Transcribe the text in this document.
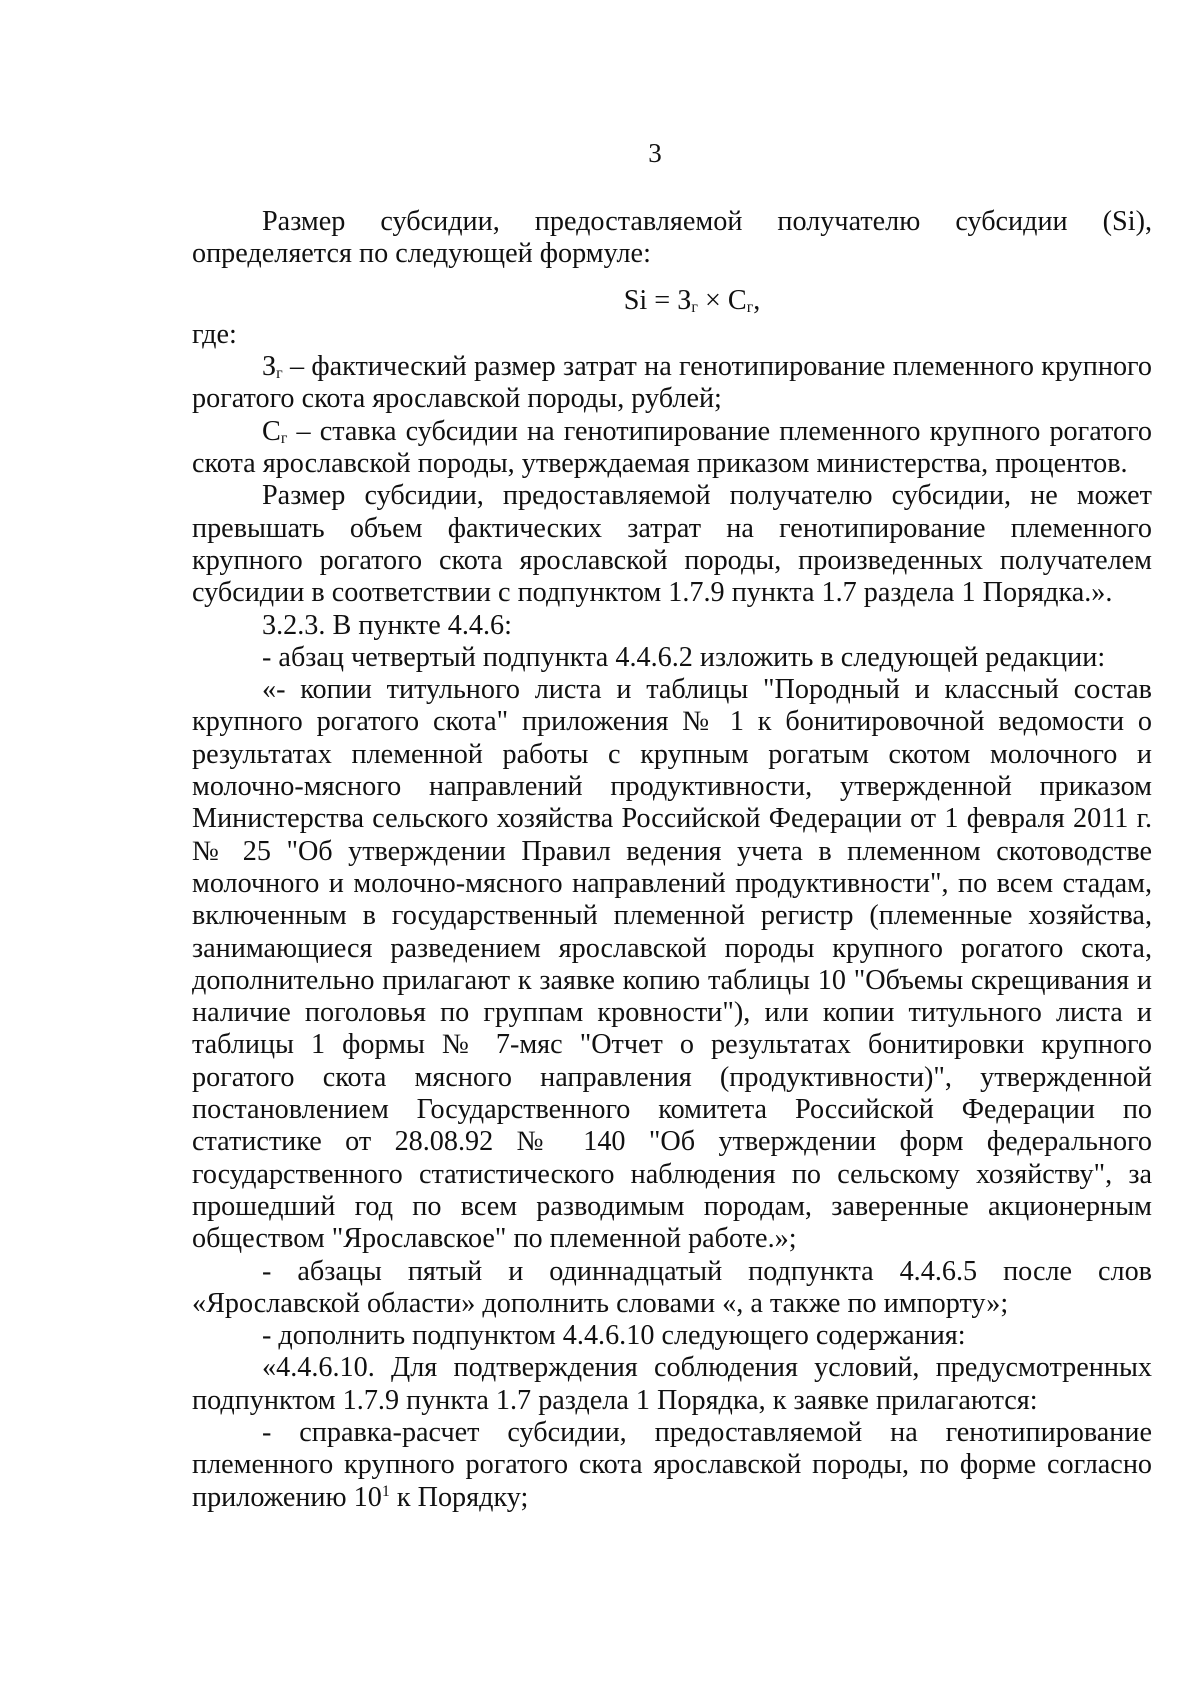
3

Размер субсидии, предоставляемой получателю субсидии (Si), определяется по следующей формуле:

$Si = З_г \times С_г$,

где:

$З_г$ – фактический размер затрат на генотипирование племенного крупного рогатого скота ярославской породы, рублей;

$С_г$ – ставка субсидии на генотипирование племенного крупного рогатого скота ярославской породы, утверждаемая приказом министерства, процентов.

Размер субсидии, предоставляемой получателю субсидии, не может превышать объем фактических затрат на генотипирование племенного крупного рогатого скота ярославской породы, произведенных получателем субсидии в соответствии с подпунктом 1.7.9 пункта 1.7 раздела 1 Порядка.».

3.2.3. В пункте 4.4.6:

- абзац четвертый подпункта 4.4.6.2 изложить в следующей редакции:

«- копии титульного листа и таблицы "Породный и классный состав крупного рогатого скота" приложения № 1 к бонитировочной ведомости о результатах племенной работы с крупным рогатым скотом молочного и молочно-мясного направлений продуктивности, утвержденной приказом Министерства сельского хозяйства Российской Федерации от 1 февраля 2011 г. № 25 "Об утверждении Правил ведения учета в племенном скотоводстве молочного и молочно-мясного направлений продуктивности", по всем стадам, включенным в государственный племенной регистр (племенные хозяйства, занимающиеся разведением ярославской породы крупного рогатого скота, дополнительно прилагают к заявке копию таблицы 10 "Объемы скрещивания и наличие поголовья по группам кровности"), или копии титульного листа и таблицы 1 формы № 7-мяс "Отчет о результатах бонитировки крупного рогатого скота мясного направления (продуктивности)", утвержденной постановлением Государственного комитета Российской Федерации по статистике от 28.08.92 № 140 "Об утверждении форм федерального государственного статистического наблюдения по сельскому хозяйству", за прошедший год по всем разводимым породам, заверенные акционерным обществом "Ярославское" по племенной работе.»;

- абзацы пятый и одиннадцатый подпункта 4.4.6.5 после слов «Ярославской области» дополнить словами «, а также по импорту»;

- дополнить подпунктом 4.4.6.10 следующего содержания:

«4.4.6.10. Для подтверждения соблюдения условий, предусмотренных подпунктом 1.7.9 пункта 1.7 раздела 1 Порядка, к заявке прилагаются:

- справка-расчет субсидии, предоставляемой на генотипирование племенного крупного рогатого скота ярославской породы, по форме согласно приложению $10^1$ к Порядку;
